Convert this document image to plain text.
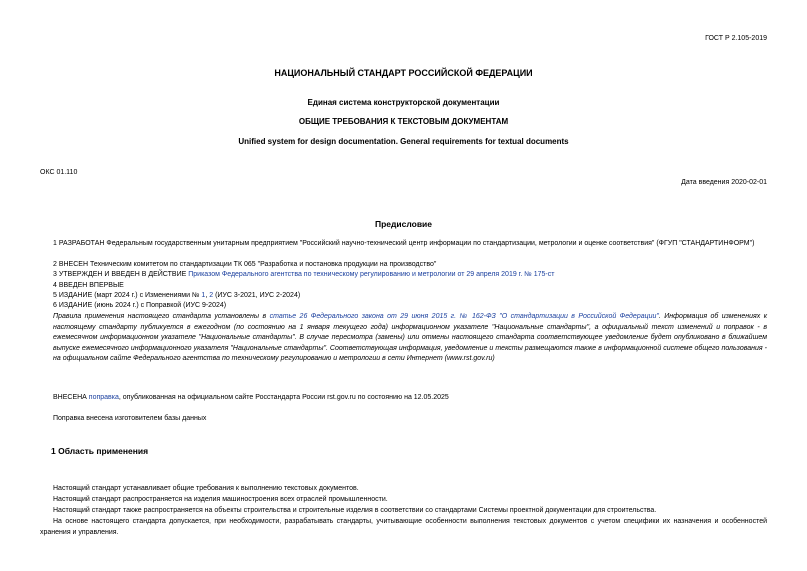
ГОСТ Р 2.105-2019
НАЦИОНАЛЬНЫЙ СТАНДАРТ РОССИЙСКОЙ ФЕДЕРАЦИИ
Единая система конструкторской документации
ОБЩИЕ ТРЕБОВАНИЯ К ТЕКСТОВЫМ ДОКУМЕНТАМ
Unified system for design documentation. General requirements for textual documents
ОКС 01.110
Дата введения 2020-02-01
Предисловие
1 РАЗРАБОТАН Федеральным государственным унитарным предприятием "Российский научно-технический центр информации по стандартизации, метрологии и оценке соответствия" (ФГУП "СТАНДАРТИНФОРМ")
2 ВНЕСЕН Техническим комитетом по стандартизации ТК 065 "Разработка и постановка продукции на производство"
3 УТВЕРЖДЕН И ВВЕДЕН В ДЕЙСТВИЕ Приказом Федерального агентства по техническому регулированию и метрологии от 29 апреля 2019 г. № 175-ст
4 ВВЕДЕН ВПЕРВЫЕ
5 ИЗДАНИЕ (март 2024 г.) с Изменениями № 1, 2 (ИУС 3-2021, ИУС 2-2024)
6 ИЗДАНИЕ (июнь 2024 г.) с Поправкой (ИУС 9-2024)
Правила применения настоящего стандарта установлены в статье 26 Федерального закона от 29 июня 2015 г. № 162-ФЗ "О стандартизации в Российской Федерации". Информация об изменениях к настоящему стандарту публикуется в ежегодном (по состоянию на 1 января текущего года) информационном указателе "Национальные стандарты", а официальный текст изменений и поправок - в ежемесячном информационном указателе "Национальные стандарты". В случае пересмотра (замены) или отмены настоящего стандарта соответствующее уведомление будет опубликовано в ближайшем выпуске ежемесячного информационного указателя "Национальные стандарты". Соответствующая информация, уведомление и тексты размещаются также в информационной системе общего пользования - на официальном сайте Федерального агентства по техническому регулированию и метрологии в сети Интернет (www.rst.gov.ru)
ВНЕСЕНА поправка, опубликованная на официальном сайте Росстандарта России rst.gov.ru по состоянию на 12.05.2025
Поправка внесена изготовителем базы данных
1 Область применения
Настоящий стандарт устанавливает общие требования к выполнению текстовых документов.
Настоящий стандарт распространяется на изделия машиностроения всех отраслей промышленности.
Настоящий стандарт также распространяется на объекты строительства и строительные изделия в соответствии со стандартами Системы проектной документации для строительства.
На основе настоящего стандарта допускается, при необходимости, разрабатывать стандарты, учитывающие особенности выполнения текстовых документов с учетом специфики их назначения и особенностей хранения и управления.
